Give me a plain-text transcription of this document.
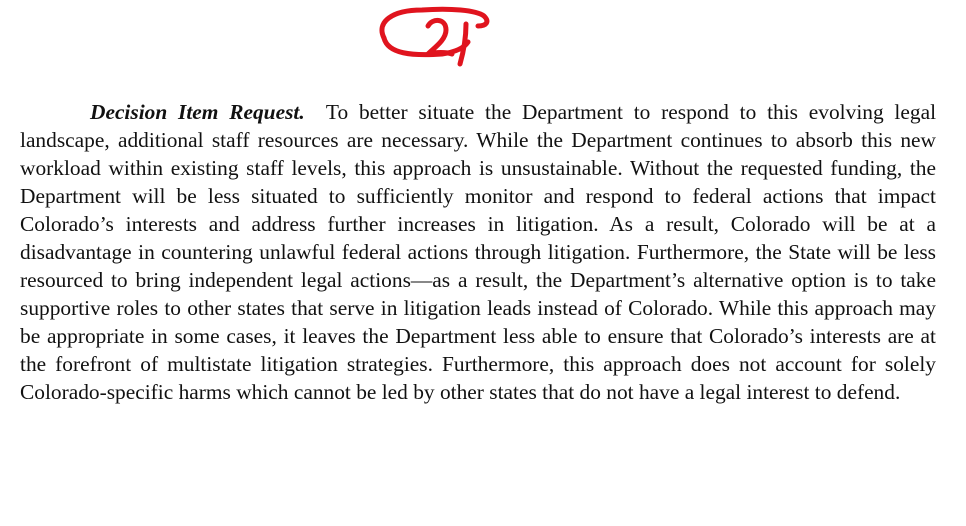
Decision Item Request. To better situate the Department to respond to this evolving legal landscape, additional staff resources are necessary. While the Department continues to absorb this new workload within existing staff levels, this approach is unsustainable. Without the requested funding, the Department will be less situated to sufficiently monitor and respond to federal actions that impact Colorado’s interests and address further increases in litigation. As a result, Colorado will be at a disadvantage in countering unlawful federal actions through litigation. Furthermore, the State will be less resourced to bring independent legal actions—as a result, the Department’s alternative option is to take supportive roles to other states that serve in litigation leads instead of Colorado. While this approach may be appropriate in some cases, it leaves the Department less able to ensure that Colorado’s interests are at the forefront of multistate litigation strategies. Furthermore, this approach does not account for solely Colorado-specific harms which cannot be led by other states that do not have a legal interest to defend.
